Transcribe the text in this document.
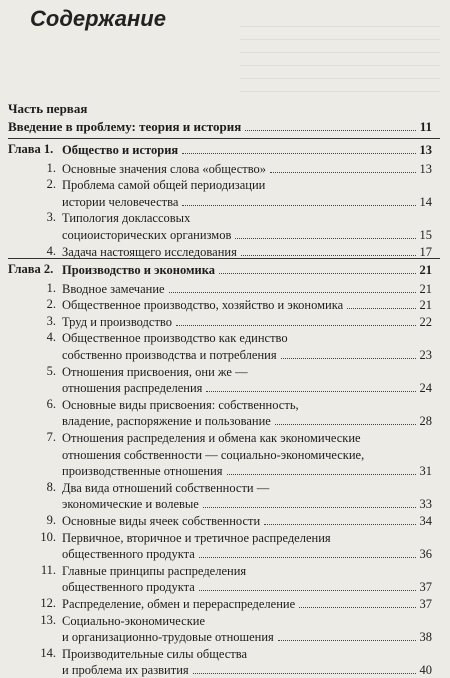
Содержание
Часть первая
Введение в проблему: теория и история	11
Глава 1. Общество и история	13
1. Основные значения слова «общество»	13
2. Проблема самой общей периодизации
истории человечества	14
3. Типология доклассовых
социоисторических организмов	15
4. Задача настоящего исследования	17
Глава 2. Производство и экономика	21
1. Вводное замечание	21
2. Общественное производство, хозяйство и экономика	21
3. Труд и производство	22
4. Общественное производство как единство
собственно производства и потребления	23
5. Отношения присвоения, они же —
отношения распределения	24
6. Основные виды присвоения: собственность,
владение, распоряжение и пользование	28
7. Отношения распределения и обмена как экономические
отношения собственности — социально-экономические,
производственные отношения	31
8. Два вида отношений собственности —
экономические и волевые	33
9. Основные виды ячеек собственности	34
10. Первичное, вторичное и третичное распределения
общественного продукта	36
11. Главные принципы распределения
общественного продукта	37
12. Распределение, обмен и перераспределение	37
13. Социально-экономические
и организационно-трудовые отношения	38
14. Производительные силы общества
и проблема их развития	40
